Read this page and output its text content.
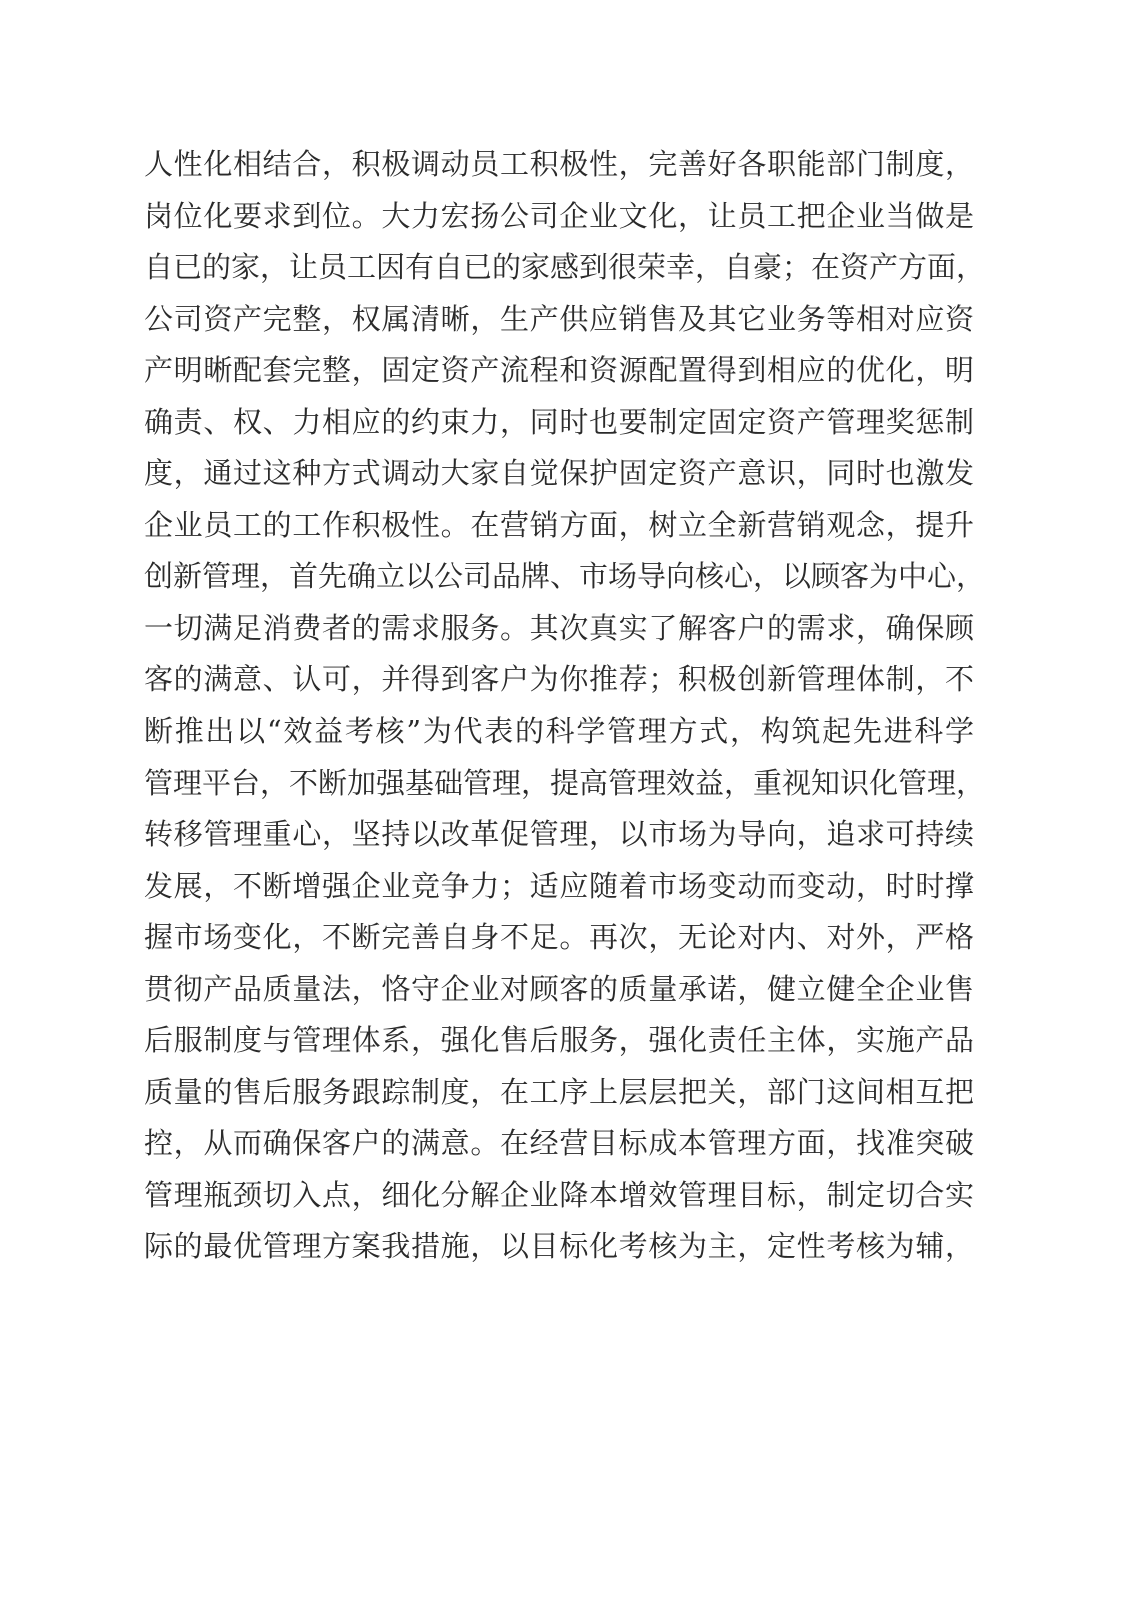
人性化相结合，积极调动员工积极性，完善好各职能部门制度，
岗位化要求到位。大力宏扬公司企业文化，让员工把企业当做是
自已的家，让员工因有自已的家感到很荣幸，自豪；在资产方面，
公司资产完整，权属清晰，生产供应销售及其它业务等相对应资
产明晰配套完整，固定资产流程和资源配置得到相应的优化，明
确责、权、力相应的约束力，同时也要制定固定资产管理奖惩制
度，通过这种方式调动大家自觉保护固定资产意识，同时也激发
企业员工的工作积极性。在营销方面，树立全新营销观念，提升
创新管理，首先确立以公司品牌、市场导向核心，以顾客为中心，
一切满足消费者的需求服务。其次真实了解客户的需求，确保顾
客的满意、认可，并得到客户为你推荐；积极创新管理体制，不
断推出以“效益考核”为代表的科学管理方式，构筑起先进科学
管理平台，不断加强基础管理，提高管理效益，重视知识化管理，
转移管理重心，坚持以改革促管理，以市场为导向，追求可持续
发展，不断增强企业竞争力；适应随着市场变动而变动，时时撑
握市场变化，不断完善自身不足。再次，无论对内、对外，严格
贯彻产品质量法，恪守企业对顾客的质量承诺，健立健全企业售
后服制度与管理体系，强化售后服务，强化责任主体，实施产品
质量的售后服务跟踪制度，在工序上层层把关，部门这间相互把
控，从而确保客户的满意。在经营目标成本管理方面，找准突破
管理瓶颈切入点，细化分解企业降本增效管理目标，制定切合实
际的最优管理方案我措施，以目标化考核为主，定性考核为辅，
